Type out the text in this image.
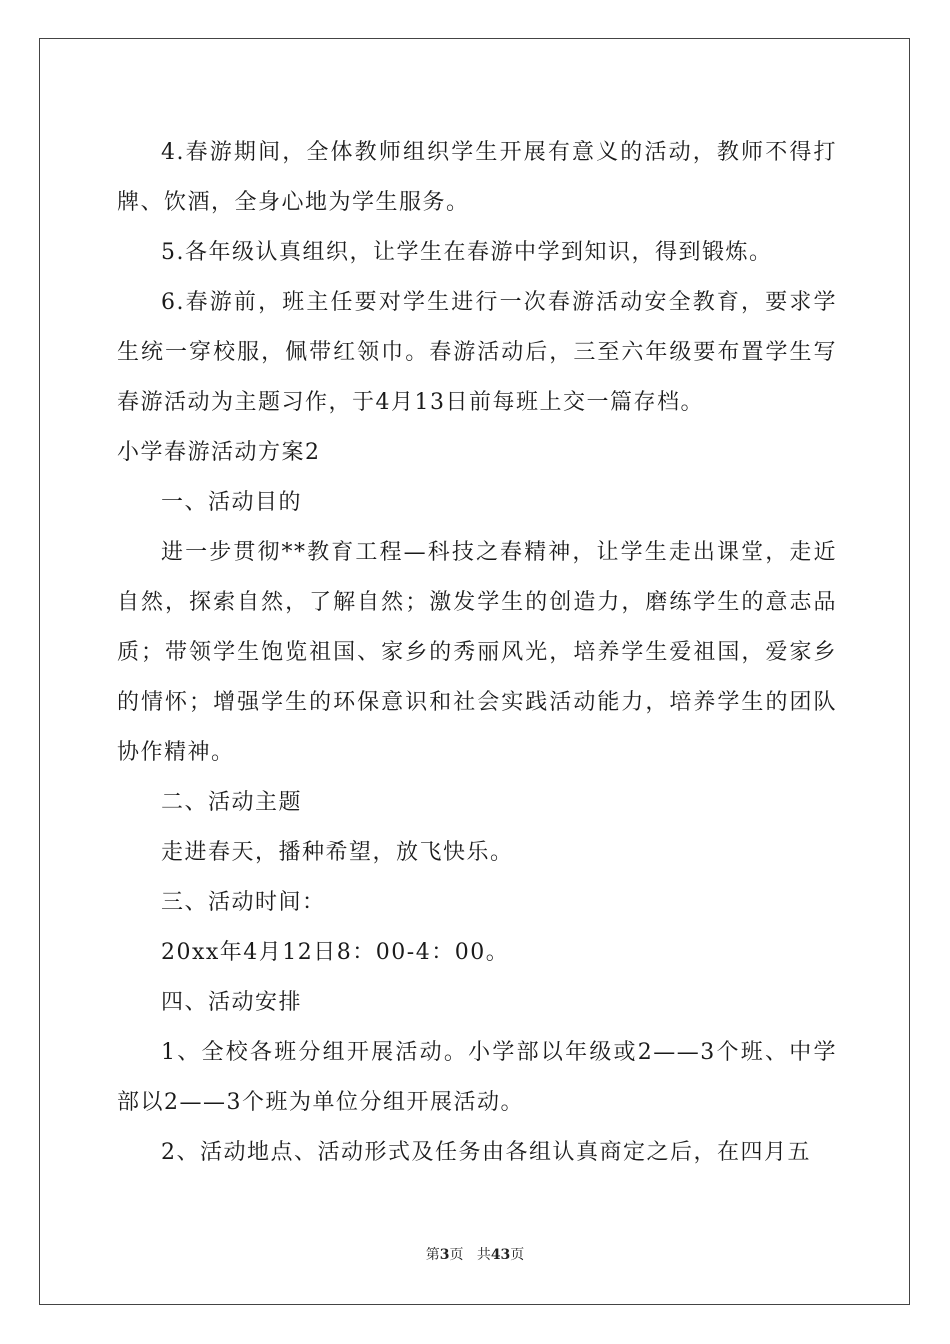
4.春游期间，全体教师组织学生开展有意义的活动，教师不得打牌、饮酒，全身心地为学生服务。

5.各年级认真组织，让学生在春游中学到知识，得到锻炼。

6.春游前，班主任要对学生进行一次春游活动安全教育，要求学生统一穿校服，佩带红领巾。春游活动后，三至六年级要布置学生写春游活动为主题习作，于4月13日前每班上交一篇存档。

小学春游活动方案2

一、活动目的

进一步贯彻**教育工程—科技之春精神，让学生走出课堂，走近自然，探索自然，了解自然；激发学生的创造力，磨练学生的意志品质；带领学生饱览祖国、家乡的秀丽风光，培养学生爱祖国，爱家乡的情怀；增强学生的环保意识和社会实践活动能力，培养学生的团队协作精神。

二、活动主题

走进春天，播种希望，放飞快乐。

三、活动时间：

20xx年4月12日8：00-4：00。

四、活动安排

1、全校各班分组开展活动。小学部以年级或2——3个班、中学部以2——3个班为单位分组开展活动。

2、活动地点、活动形式及任务由各组认真商定之后，在四月五

第3页 共43页
